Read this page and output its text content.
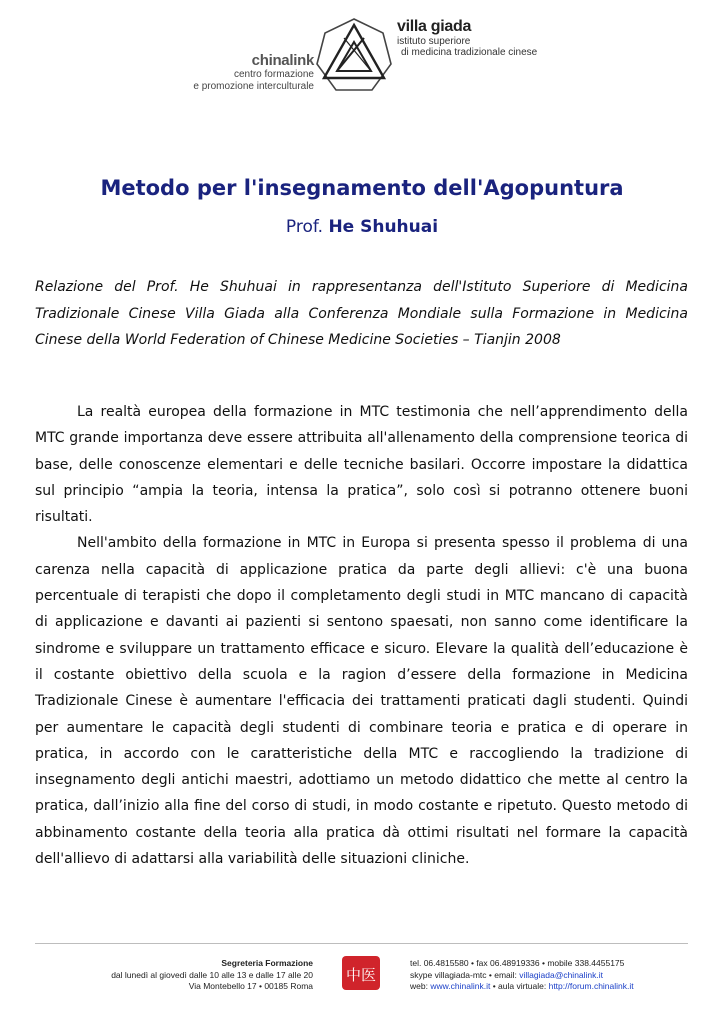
chinalink
centro formazione
e promozione interculturale
villa giada
istituto superiore
di medicina tradizionale cinese
Metodo per l'insegnamento dell'Agopuntura
Prof. He Shuhuai

Relazione del Prof. He Shuhuai in rappresentanza dell'Istituto Superiore di Medicina Tradizionale Cinese Villa Giada alla Conferenza Mondiale sulla Formazione in Medicina Cinese della World Federation of Chinese Medicine Societies – Tianjin 2008

La realtà europea della formazione in MTC testimonia che nell’apprendimento della MTC grande importanza deve essere attribuita all'allenamento della comprensione teorica di base, delle conoscenze elementari e delle tecniche basilari. Occorre impostare la didattica sul principio “ampia la teoria, intensa la pratica”, solo così si potranno ottenere buoni risultati.

Nell'ambito della formazione in MTC in Europa si presenta spesso il problema di una carenza nella capacità di applicazione pratica da parte degli allievi: c'è una buona percentuale di terapisti che dopo il completamento degli studi in MTC mancano di capacità di applicazione e davanti ai pazienti si sentono spaesati, non sanno come identificare la sindrome e sviluppare un trattamento efficace e sicuro. Elevare la qualità dell’educazione è il costante obiettivo della scuola e la ragion d’essere della formazione in Medicina Tradizionale Cinese è aumentare l'efficacia dei trattamenti praticati dagli studenti. Quindi per aumentare le capacità degli studenti di combinare teoria e pratica e di operare in pratica, in accordo con le caratteristiche della MTC e raccogliendo la tradizione di insegnamento degli antichi maestri, adottiamo un metodo didattico che mette al centro la pratica, dall’inizio alla fine del corso di studi, in modo costante e ripetuto. Questo metodo di abbinamento costante della teoria alla pratica dà ottimi risultati nel formare la capacità dell'allievo di adattarsi alla variabilità delle situazioni cliniche.

Segreteria Formazione
dal lunedì al giovedì dalle 10 alle 13 e dalle 17 alle 20
Via Montebello 17 • 00185 Roma
中医
tel. 06.4815580 • fax 06.48919336 • mobile 338.4455175
skype villagiada-mtc • email: villagiada@chinalink.it
web: www.chinalink.it • aula virtuale: http://forum.chinalink.it
